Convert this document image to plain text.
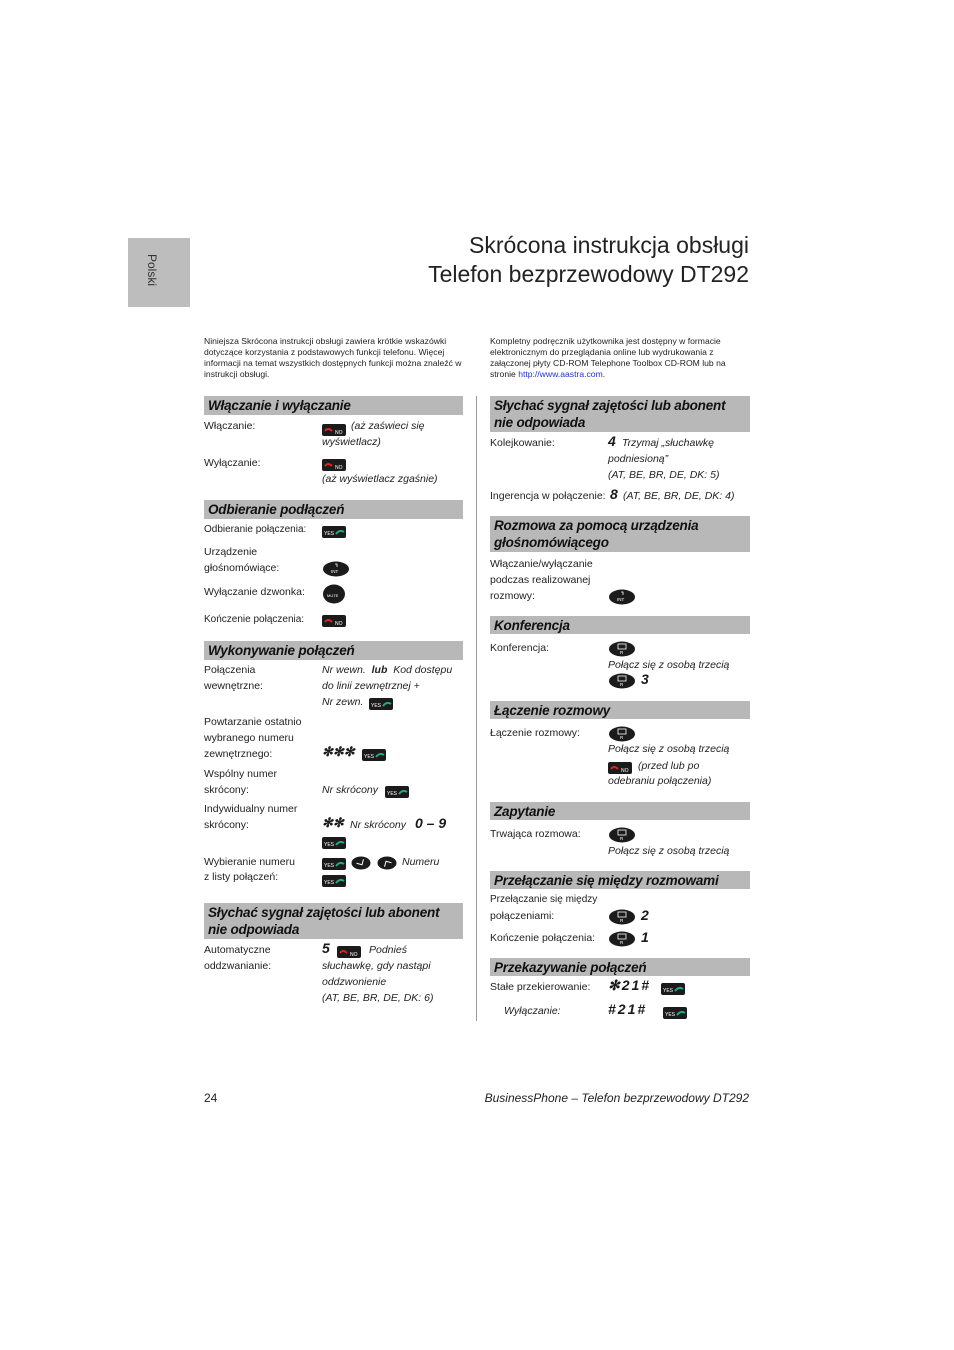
Polski
Skrócona instrukcja obsługi
Telefon bezprzewodowy DT292
Niniejsza Skrócona instrukcji obsługi zawiera krótkie wskazówki dotyczące korzystania z podstawowych funkcji telefonu. Więcej informacji na temat wszystkich dostępnych funkcji można znaleźć w instrukcji obsługi.
Kompletny podręcznik użytkownika jest dostępny w formacie elektronicznym do przeglądania online lub wydrukowania z załączonej płyty CD-ROM Telephone Toolbox CD-ROM lub na stronie http://www.aastra.com.
Włączanie i wyłączanie
Włączanie:
NO
(aż zaświeci się
wyświetlacz)
Wyłączanie:	NO
(aż wyświetlacz zgaśnie)
Odbieranie podłączeń
Odbieranie połączenia:	YES
Urządzenie
głośnomówiące:	INT
Wyłączanie dzwonka:	MUTE
Kończenie połączenia:	NO
Wykonywanie połączeń
Połączenia
wewnętrzne:
Nr wewn. lub Kod dostępu
do linii zewnętrznej +
Nr zewn. YES
Powtarzanie ostatnio
wybranego numeru
zewnętrznego:	✻✻✻ YES
Wspólny numer
skrócony:	Nr skrócony YES
Indywidualny numer
skrócony:	✻✻ Nr skrócony 0 – 9
YES
Wybieranie numeru
z listy połączeń:
YES	Numeru
YES
Słychać sygnał zajętości lub abonent
nie odpowiada
Automatyczne
oddzwanianie:
5	NO Podnieś
słuchawkę, gdy nastąpi
oddzwonienie
(AT, BE, BR, DE, DK: 6)
Słychać sygnał zajętości lub abonent
nie odpowiada
Kolejkowanie:	4 Trzymaj „słuchawkę
podniesioną”
(AT, BE, BR, DE, DK: 5)
Ingerencja w połączenie: 8 (AT, BE, BR, DE, DK: 4)
Rozmowa za pomocą urządzenia
głośnomówiącego
Włączanie/wyłączanie
podczas realizowanej
rozmowy:	INT
Konferencja
Konferencja:	R
Połącz się z osobą trzecią
R 3
Łączenie rozmowy
Łączenie rozmowy:	R
Połącz się z osobą trzecią
NO (przed lub po
odebraniu połączenia)
Zapytanie
Trwająca rozmowa:	R
Połącz się z osobą trzecią
Przełączanie się między rozmowami
Przełączanie się między
połączeniami:	R 2
Kończenie połączenia:	R 1
Przekazywanie połączeń
Stałe przekierowanie: ✻21# YES
Wyłączanie:	#21#	YES
24	BusinessPhone – Telefon bezprzewodowy DT292
